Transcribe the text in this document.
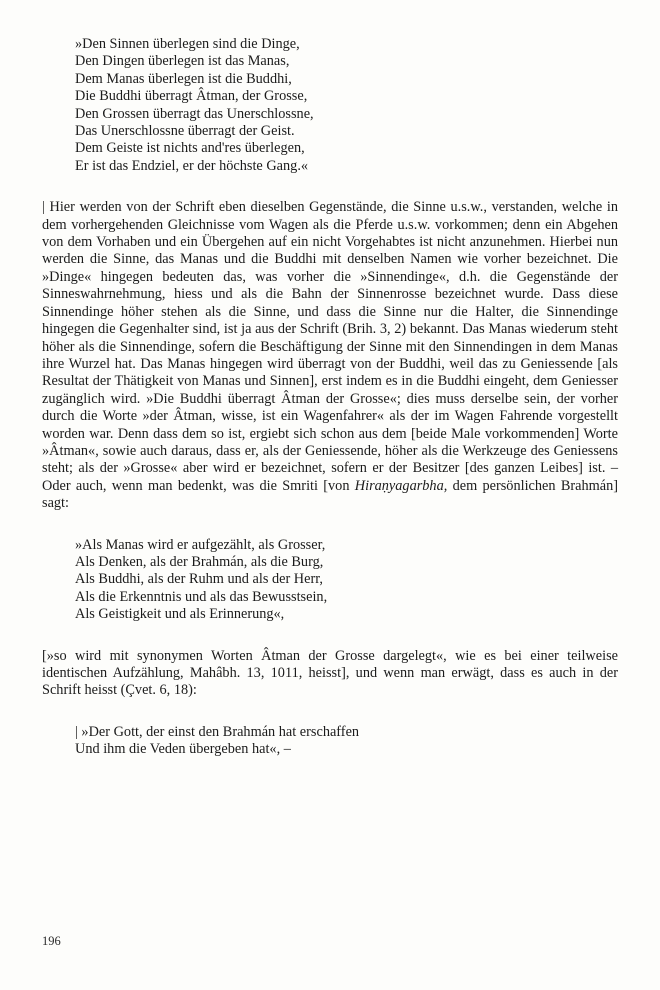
»Den Sinnen überlegen sind die Dinge,
Den Dingen überlegen ist das Manas,
Dem Manas überlegen ist die Buddhi,
Die Buddhi überragt Âtman, der Grosse,
Den Grossen überragt das Unerschlossne,
Das Unerschlossne überragt der Geist.
Dem Geiste ist nichts and'res überlegen,
Er ist das Endziel, er der höchste Gang.«

| Hier werden von der Schrift eben dieselben Gegenstände, die Sinne u.s.w., verstanden, welche in dem vorhergehenden Gleichnisse vom Wagen als die Pferde u.s.w. vorkommen; denn ein Abgehen von dem Vorhaben und ein Übergehen auf ein nicht Vorgehabtes ist nicht anzunehmen. Hierbei nun werden die Sinne, das Manas und die Buddhi mit denselben Namen wie vorher bezeichnet. Die »Dinge« hingegen bedeuten das, was vorher die »Sinnendinge«, d.h. die Gegenstände der Sinneswahrnehmung, hiess und als die Bahn der Sinnenrosse bezeichnet wurde. Dass diese Sinnendinge höher stehen als die Sinne, und dass die Sinne nur die Halter, die Sinnendinge hingegen die Gegenhalter sind, ist ja aus der Schrift (Brih. 3, 2) bekannt. Das Manas wiederum steht höher als die Sinnendinge, sofern die Beschäftigung der Sinne mit den Sinnendingen in dem Manas ihre Wurzel hat. Das Manas hingegen wird überragt von der Buddhi, weil das zu Geniessende [als Resultat der Thätigkeit von Manas und Sinnen], erst indem es in die Buddhi eingeht, dem Geniesser zugänglich wird. »Die Buddhi überragt Âtman der Grosse«; dies muss derselbe sein, der vorher durch die Worte »der Âtman, wisse, ist ein Wagenfahrer« als der im Wagen Fahrende vorgestellt worden war. Denn dass dem so ist, ergiebt sich schon aus dem [beide Male vorkommenden] Worte »Âtman«, sowie auch daraus, dass er, als der Geniessende, höher als die Werkzeuge des Geniessens steht; als der »Grosse« aber wird er bezeichnet, sofern er der Besitzer [des ganzen Leibes] ist. – Oder auch, wenn man bedenkt, was die Smriti [von Hiraṇyagarbha, dem persönlichen Brahmán] sagt:

»Als Manas wird er aufgezählt, als Grosser,
Als Denken, als der Brahmán, als die Burg,
Als Buddhi, als der Ruhm und als der Herr,
Als die Erkenntnis und als das Bewusstsein,
Als Geistigkeit und als Erinnerung«,

[»so wird mit synonymen Worten Âtman der Grosse dargelegt«, wie es bei einer teilweise identischen Aufzählung, Mahâbh. 13, 1011, heisst], und wenn man erwägt, dass es auch in der Schrift heisst (Çvet. 6, 18):

| »Der Gott, der einst den Brahmán hat erschaffen
Und ihm die Veden übergeben hat«, –
196
